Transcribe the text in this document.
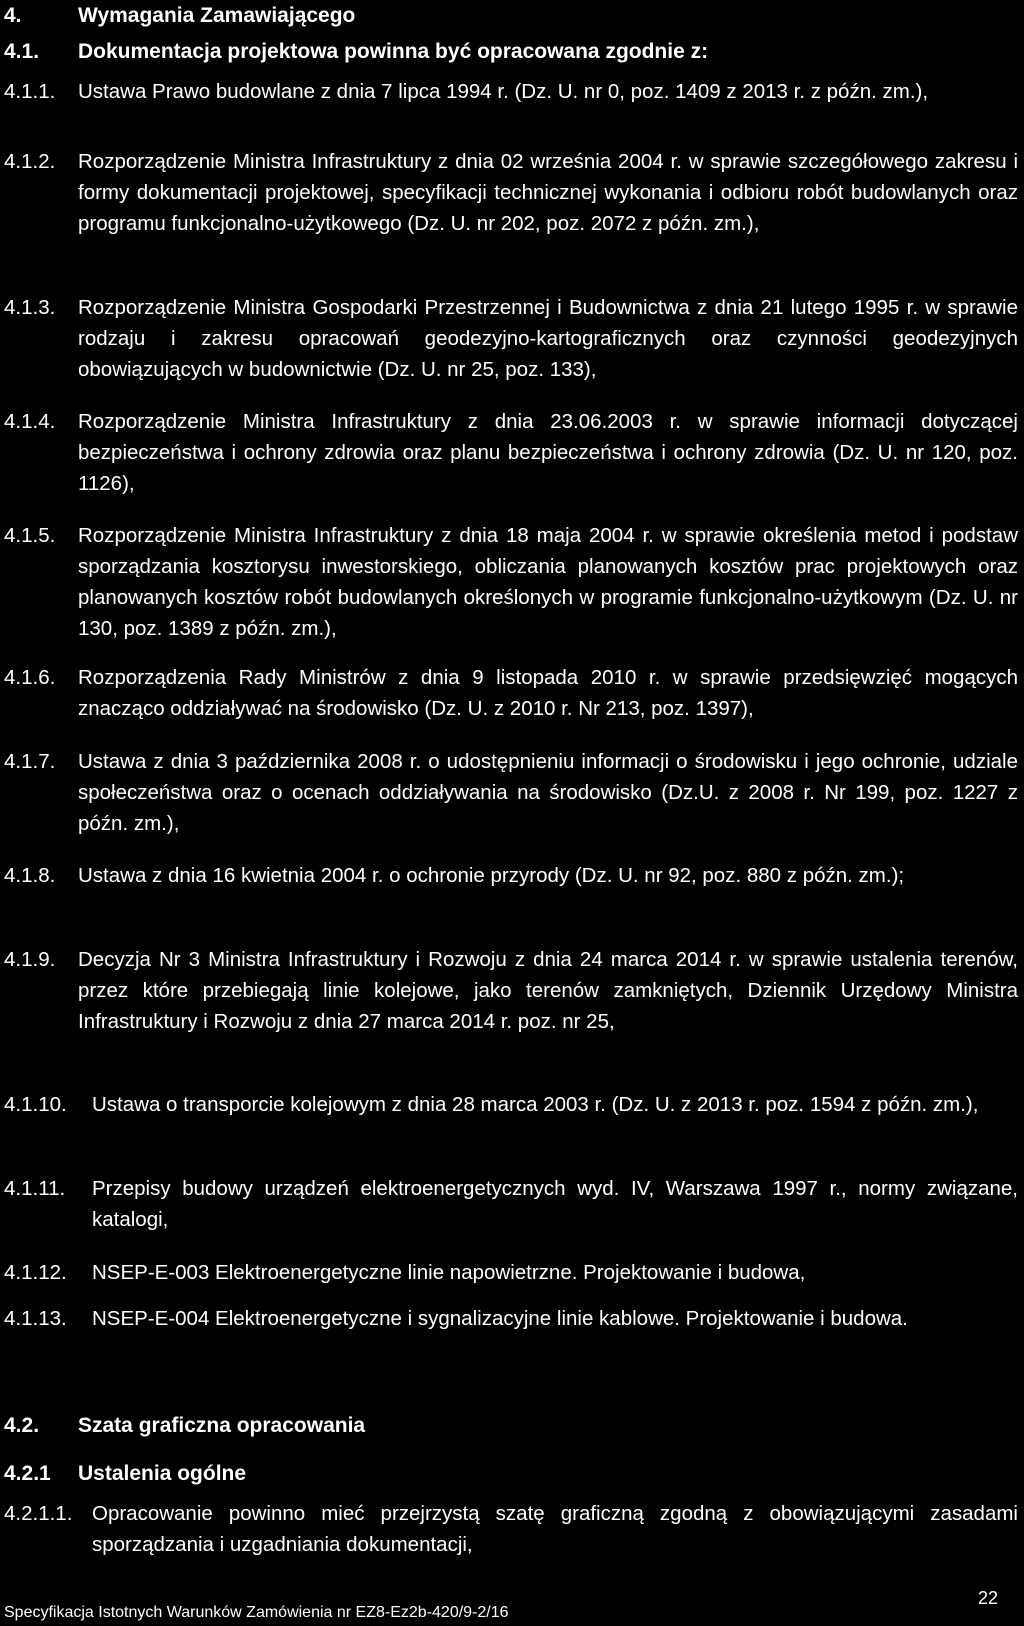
4.	Wymagania Zamawiającego
4.1. Dokumentacja projektowa powinna być opracowana zgodnie z:
4.1.1. Ustawa Prawo budowlane z dnia 7 lipca 1994 r. (Dz. U. nr 0, poz. 1409 z 2013 r. z późn. zm.),
4.1.2. Rozporządzenie Ministra Infrastruktury z dnia 02 września 2004 r. w sprawie szczegółowego zakresu i formy dokumentacji projektowej, specyfikacji technicznej wykonania i odbioru robót budowlanych oraz programu funkcjonalno-użytkowego (Dz. U. nr 202, poz. 2072 z późn. zm.),
4.1.3. Rozporządzenie Ministra Gospodarki Przestrzennej i Budownictwa z dnia 21 lutego 1995 r. w sprawie rodzaju i zakresu opracowań geodezyjno-kartograficznych oraz czynności geodezyjnych obowiązujących w budownictwie (Dz. U. nr 25, poz. 133),
4.1.4. Rozporządzenie Ministra Infrastruktury z dnia 23.06.2003 r. w sprawie informacji dotyczącej bezpieczeństwa i ochrony zdrowia oraz planu bezpieczeństwa i ochrony zdrowia (Dz. U. nr 120, poz. 1126),
4.1.5. Rozporządzenie Ministra Infrastruktury z dnia 18 maja 2004 r. w sprawie określenia metod i podstaw sporządzania kosztorysu inwestorskiego, obliczania planowanych kosztów prac projektowych oraz planowanych kosztów robót budowlanych określonych w programie funkcjonalno-użytkowym (Dz. U. nr 130, poz. 1389 z późn. zm.),
4.1.6. Rozporządzenia Rady Ministrów z dnia 9 listopada 2010 r. w sprawie przedsięwzięć mogących znacząco oddziaływać na środowisko (Dz. U. z 2010 r. Nr 213, poz. 1397),
4.1.7. Ustawa z dnia 3 października 2008 r. o udostępnieniu informacji o środowisku i jego ochronie, udziale społeczeństwa oraz o ocenach oddziaływania na środowisko (Dz.U. z 2008 r. Nr 199, poz. 1227 z późn. zm.),
4.1.8. Ustawa z dnia 16 kwietnia 2004 r. o ochronie przyrody (Dz. U. nr 92, poz. 880 z późn. zm.);
4.1.9. Decyzja Nr 3 Ministra Infrastruktury i Rozwoju z dnia 24 marca 2014 r. w sprawie ustalenia terenów, przez które przebiegają linie kolejowe, jako terenów zamkniętych, Dziennik Urzędowy Ministra Infrastruktury i Rozwoju z dnia 27 marca 2014 r. poz. nr 25,
4.1.10. Ustawa o transporcie kolejowym z dnia 28 marca 2003 r. (Dz. U. z 2013 r. poz. 1594 z późn. zm.),
4.1.11. Przepisy budowy urządzeń elektroenergetycznych wyd. IV, Warszawa 1997 r., normy związane, katalogi,
4.1.12. NSEP-E-003 Elektroenergetyczne linie napowietrzne. Projektowanie i budowa,
4.1.13. NSEP-E-004 Elektroenergetyczne i sygnalizacyjne linie kablowe. Projektowanie i budowa.
4.2. Szata graficzna opracowania
4.2.1 Ustalenia ogólne
4.2.1.1. Opracowanie powinno mieć przejrzystą szatę graficzną zgodną z obowiązującymi zasadami sporządzania i uzgadniania dokumentacji,
22
Specyfikacja Istotnych Warunków Zamówienia nr EZ8-Ez2b-420/9-2/16
